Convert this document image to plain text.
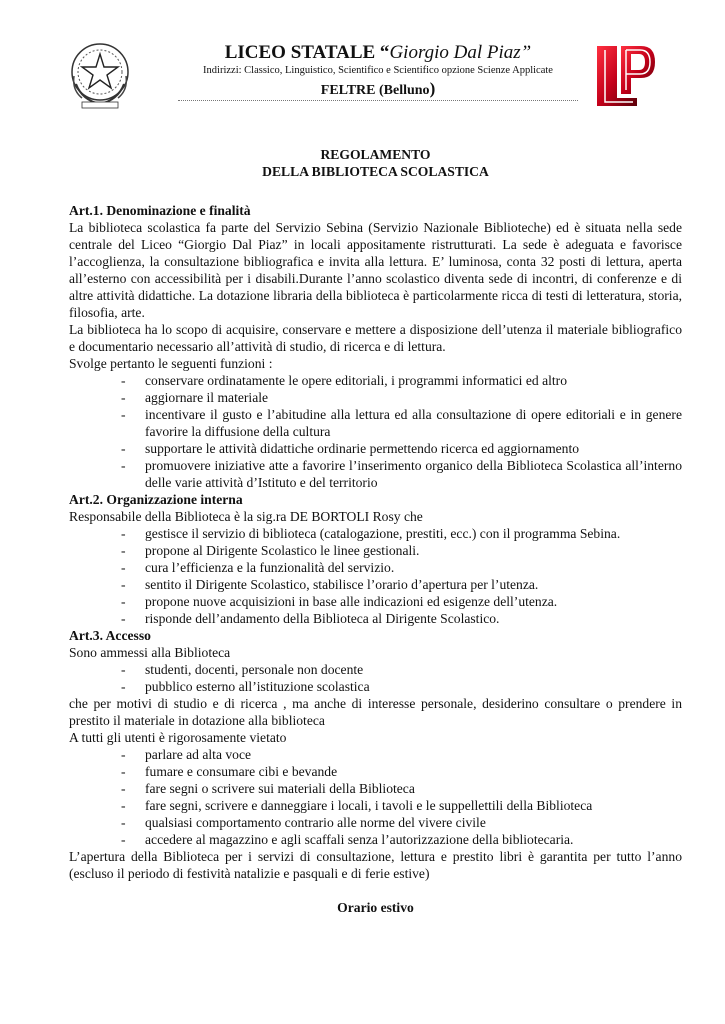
LICEO STATALE “Giorgio Dal Piaz”
Indirizzi: Classico, Linguistico, Scientifico e Scientifico opzione Scienze Applicate
FELTRE (Belluno)
REGOLAMENTO
DELLA BIBLIOTECA SCOLASTICA
Art.1. Denominazione e finalità
La biblioteca scolastica fa parte del Servizio Sebina (Servizio Nazionale Biblioteche) ed è situata nella sede centrale del Liceo “Giorgio Dal Piaz” in locali appositamente ristrutturati. La sede è adeguata e favorisce l’accoglienza, la consultazione bibliografica e invita alla lettura. E’ luminosa, conta 32 posti di lettura, aperta all’esterno con accessibilità per i disabili.Durante l’anno scolastico diventa sede di incontri, di conferenze e di altre attività didattiche. La dotazione libraria della biblioteca è particolarmente ricca di testi di letteratura, storia, filosofia, arte.
La biblioteca ha lo scopo di acquisire, conservare e mettere a disposizione dell’utenza il materiale bibliografico e documentario necessario all’attività di studio, di ricerca e di lettura.
Svolge pertanto le seguenti funzioni :
- conservare ordinatamente le opere editoriali, i programmi informatici ed altro
- aggiornare il materiale
- incentivare il gusto e l’abitudine alla lettura ed alla consultazione di opere editoriali e in genere favorire la diffusione della cultura
- supportare le attività didattiche ordinarie permettendo ricerca ed aggiornamento
- promuovere iniziative atte a favorire l’inserimento organico della Biblioteca Scolastica all’interno delle varie attività d’Istituto e del territorio
Art.2. Organizzazione interna
Responsabile della Biblioteca è la sig.ra DE BORTOLI Rosy che
- gestisce il servizio di biblioteca (catalogazione, prestiti, ecc.) con il programma Sebina.
- propone al Dirigente Scolastico le linee gestionali.
- cura l’efficienza e la funzionalità del servizio.
- sentito il Dirigente Scolastico, stabilisce l’orario d’apertura per l’utenza.
- propone nuove acquisizioni in base alle indicazioni ed esigenze dell’utenza.
- risponde dell’andamento della Biblioteca al Dirigente Scolastico.
Art.3. Accesso
Sono ammessi alla Biblioteca
- studenti, docenti, personale non docente
- pubblico esterno all’istituzione scolastica
che per motivi di studio e di ricerca , ma anche di interesse personale, desiderino consultare o prendere in prestito il materiale in dotazione alla biblioteca
A tutti gli utenti è rigorosamente vietato
- parlare ad alta voce
- fumare e consumare cibi e bevande
- fare segni o scrivere sui materiali della Biblioteca
- fare segni, scrivere e danneggiare i locali, i tavoli e le suppellettili della Biblioteca
- qualsiasi comportamento contrario alle norme del vivere civile
- accedere al magazzino e agli scaffali senza l’autorizzazione della bibliotecaria.
L’apertura della Biblioteca per i servizi di consultazione, lettura e prestito libri è garantita per tutto l’anno (escluso il periodo di festività natalizie e pasquali e di ferie estive)
Orario estivo
